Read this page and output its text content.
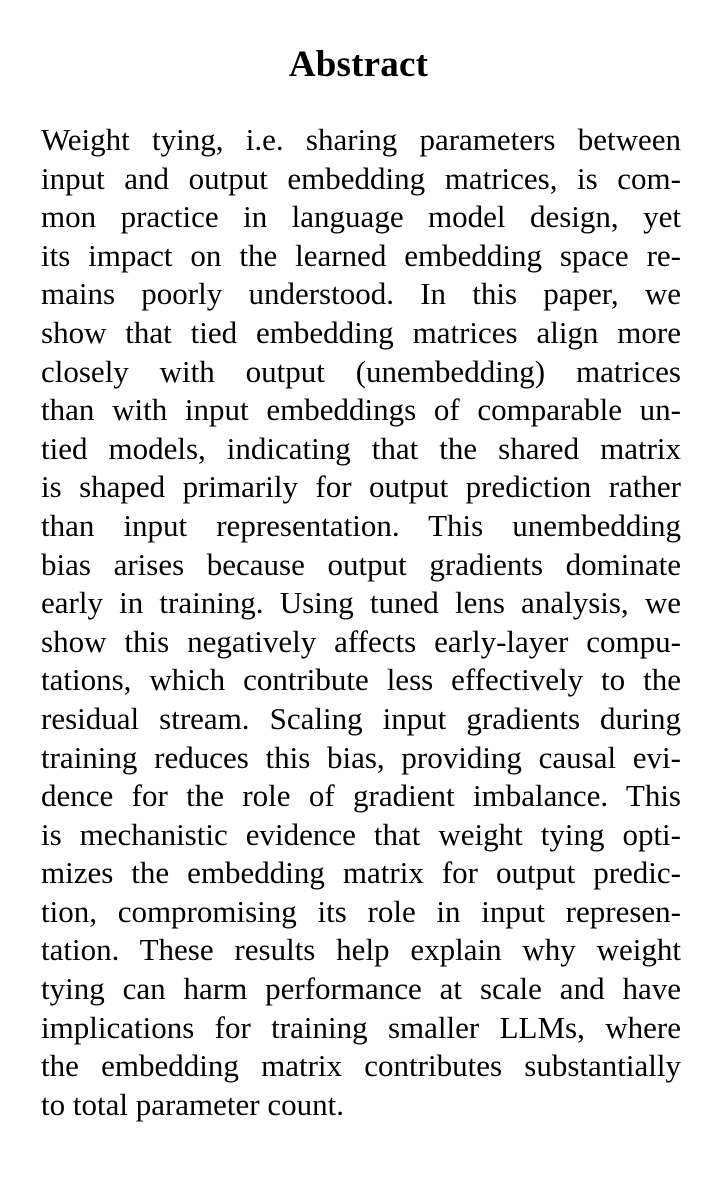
Abstract
Weight tying, i.e. sharing parameters between
input and output embedding matrices, is com-
mon practice in language model design, yet
its impact on the learned embedding space re-
mains poorly understood. In this paper, we
show that tied embedding matrices align more
closely with output (unembedding) matrices
than with input embeddings of comparable un-
tied models, indicating that the shared matrix
is shaped primarily for output prediction rather
than input representation. This unembedding
bias arises because output gradients dominate
early in training. Using tuned lens analysis, we
show this negatively affects early-layer compu-
tations, which contribute less effectively to the
residual stream. Scaling input gradients during
training reduces this bias, providing causal evi-
dence for the role of gradient imbalance. This
is mechanistic evidence that weight tying opti-
mizes the embedding matrix for output predic-
tion, compromising its role in input represen-
tation. These results help explain why weight
tying can harm performance at scale and have
implications for training smaller LLMs, where
the embedding matrix contributes substantially
to total parameter count.
